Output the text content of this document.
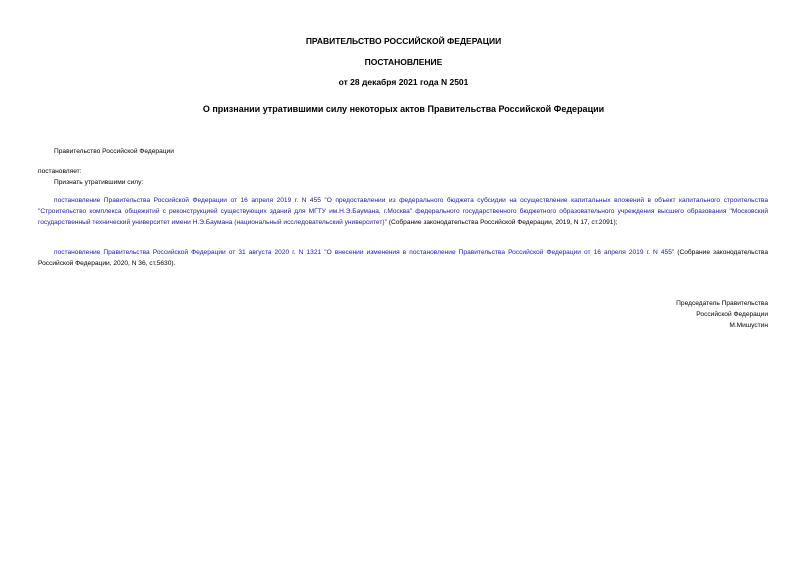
ПРАВИТЕЛЬСТВО РОССИЙСКОЙ ФЕДЕРАЦИИ

ПОСТАНОВЛЕНИЕ

от 28 декабря 2021 года N 2501

О признании утратившими силу некоторых актов Правительства Российской Федерации

Правительство Российской Федерации

постановляет:

Признать утратившими силу:

постановление Правительства Российской Федерации от 16 апреля 2019 г. N 455 "О предоставлении из федерального бюджета субсидии на осуществление капитальных вложений в объект капитального строительства "Строительство комплекса общежитий с реконструкцией существующих зданий для МГТУ им.Н.Э.Баумана, г.Москва" федерального государственного бюджетного образовательного учреждения высшего образования "Московский государственный технический университет имени Н.Э.Баумана (национальный исследовательский университет)" (Собрание законодательства Российской Федерации, 2019, N 17, ст.2091);

постановление Правительства Российской Федерации от 31 августа 2020 г. N 1321 "О внесении изменения в постановление Правительства Российской Федерации от 16 апреля 2019 г. N 455" (Собрание законодательства Российской Федерации, 2020, N 36, ст.5630).

Председатель Правительства
Российской Федерации
М.Мишустин
